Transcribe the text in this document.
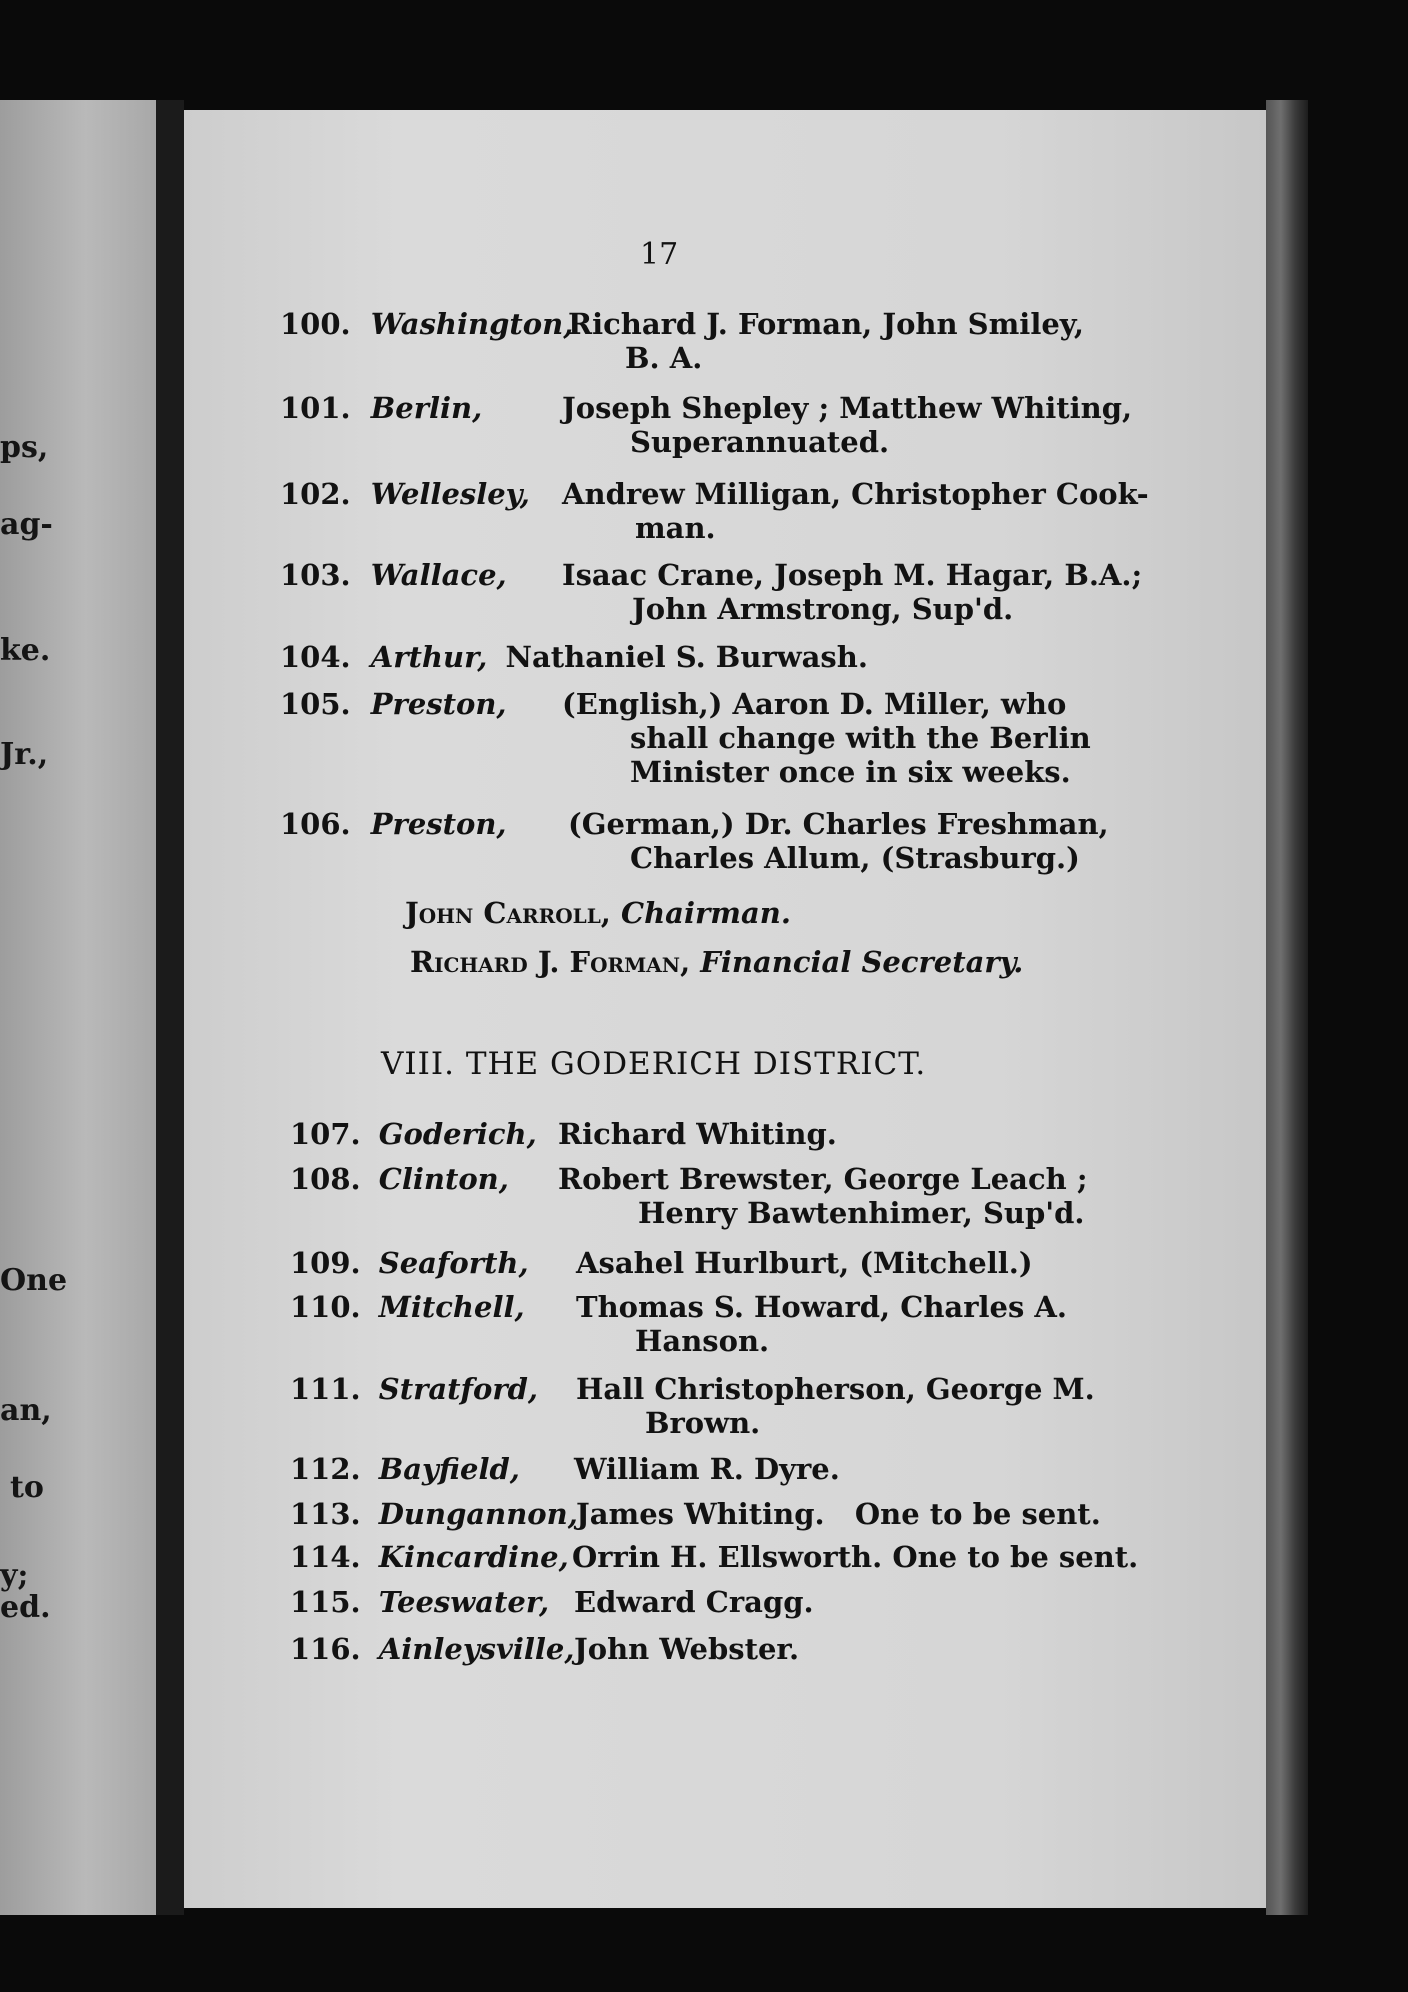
ps,
ag-
ke.
Jr.,
One
an,
to
y;
ed.
17
100. Washington,
Richard J. Forman, John Smiley,
B. A.
101. Berlin,	Joseph Shepley ; Matthew Whiting,
Superannuated.
102. Wellesley, Andrew Milligan, Christopher Cook-
man.
103. Wallace, Isaac Crane, Joseph M. Hagar, B.A.;
John Armstrong, Sup'd.
104. Arthur, Nathaniel S. Burwash.
105. Preston, (English,) Aaron D. Miller, who
shall change with the Berlin
Minister once in six weeks.
106. Preston, (German,) Dr. Charles Freshman,
Charles Allum, (Strasburg.)
John Carroll, Chairman.
Richard J. Forman, Financial Secretary.
VIII. THE GODERICH DISTRICT.
107. Goderich, Richard Whiting.
108. Clinton, Robert Brewster, George Leach ;
Henry Bawtenhimer, Sup'd.
109. Seaforth, Asahel Hurlburt, (Mitchell.)
110. Mitchell, Thomas S. Howard, Charles A.
Hanson.
111. Stratford, Hall Christopherson, George M.
Brown.
112. Bayfield, William R. Dyre.
113. Dungannon,
James Whiting.   One to be sent.
114. Kincardine, Orrin H. Ellsworth. One to be sent.
115. Teeswater, Edward Cragg.
116. Ainleysville, John Webster.
